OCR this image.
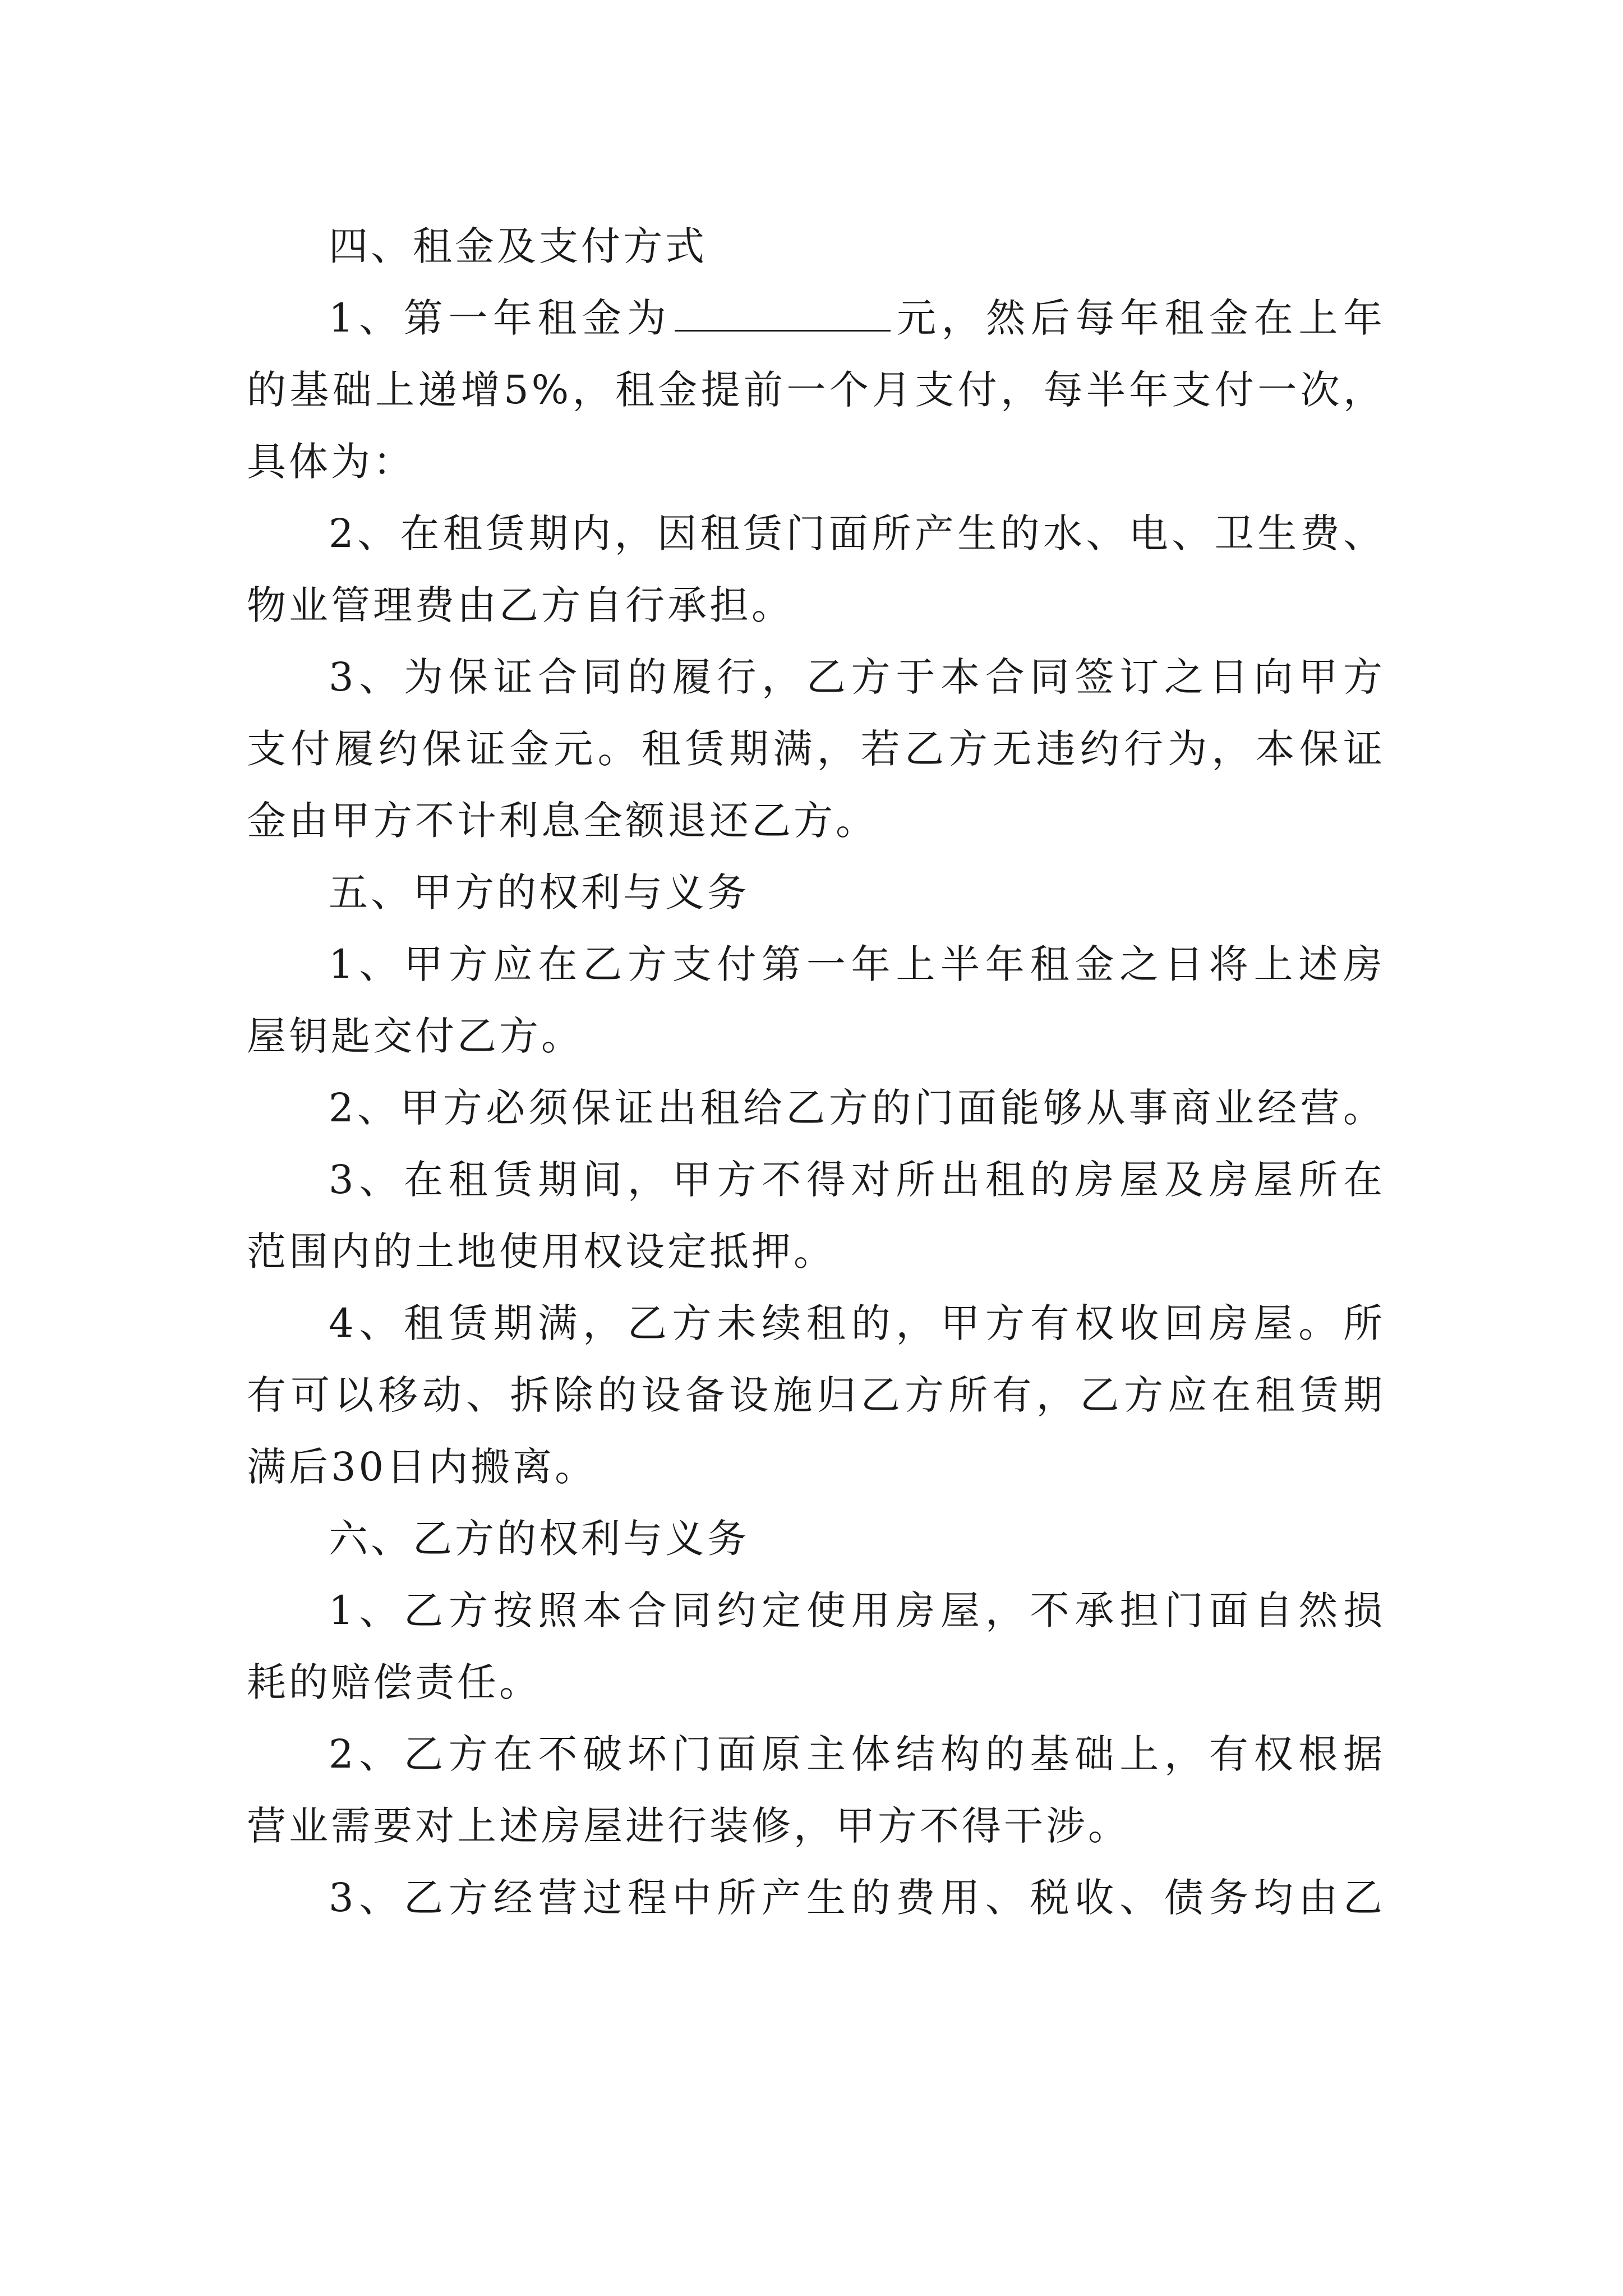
四、租金及支付方式
1、第一年租金为	元，然后每年租金在上年
的基础上递增5%，租金提前一个月支付，每半年支付一次，
具体为：
2、在租赁期内，因租赁门面所产生的水、电、卫生费、
物业管理费由乙方自行承担。
3、为保证合同的履行，乙方于本合同签订之日向甲方
支付履约保证金元。租赁期满，若乙方无违约行为，本保证
金由甲方不计利息全额退还乙方。
五、甲方的权利与义务
1、甲方应在乙方支付第一年上半年租金之日将上述房
屋钥匙交付乙方。
2、甲方必须保证出租给乙方的门面能够从事商业经营。
3、在租赁期间，甲方不得对所出租的房屋及房屋所在
范围内的土地使用权设定抵押。
4、租赁期满，乙方未续租的，甲方有权收回房屋。所
有可以移动、拆除的设备设施归乙方所有，乙方应在租赁期
满后30日内搬离。
六、乙方的权利与义务
1、乙方按照本合同约定使用房屋，不承担门面自然损
耗的赔偿责任。
2、乙方在不破坏门面原主体结构的基础上，有权根据
营业需要对上述房屋进行装修，甲方不得干涉。
3、乙方经营过程中所产生的费用、税收、债务均由乙
